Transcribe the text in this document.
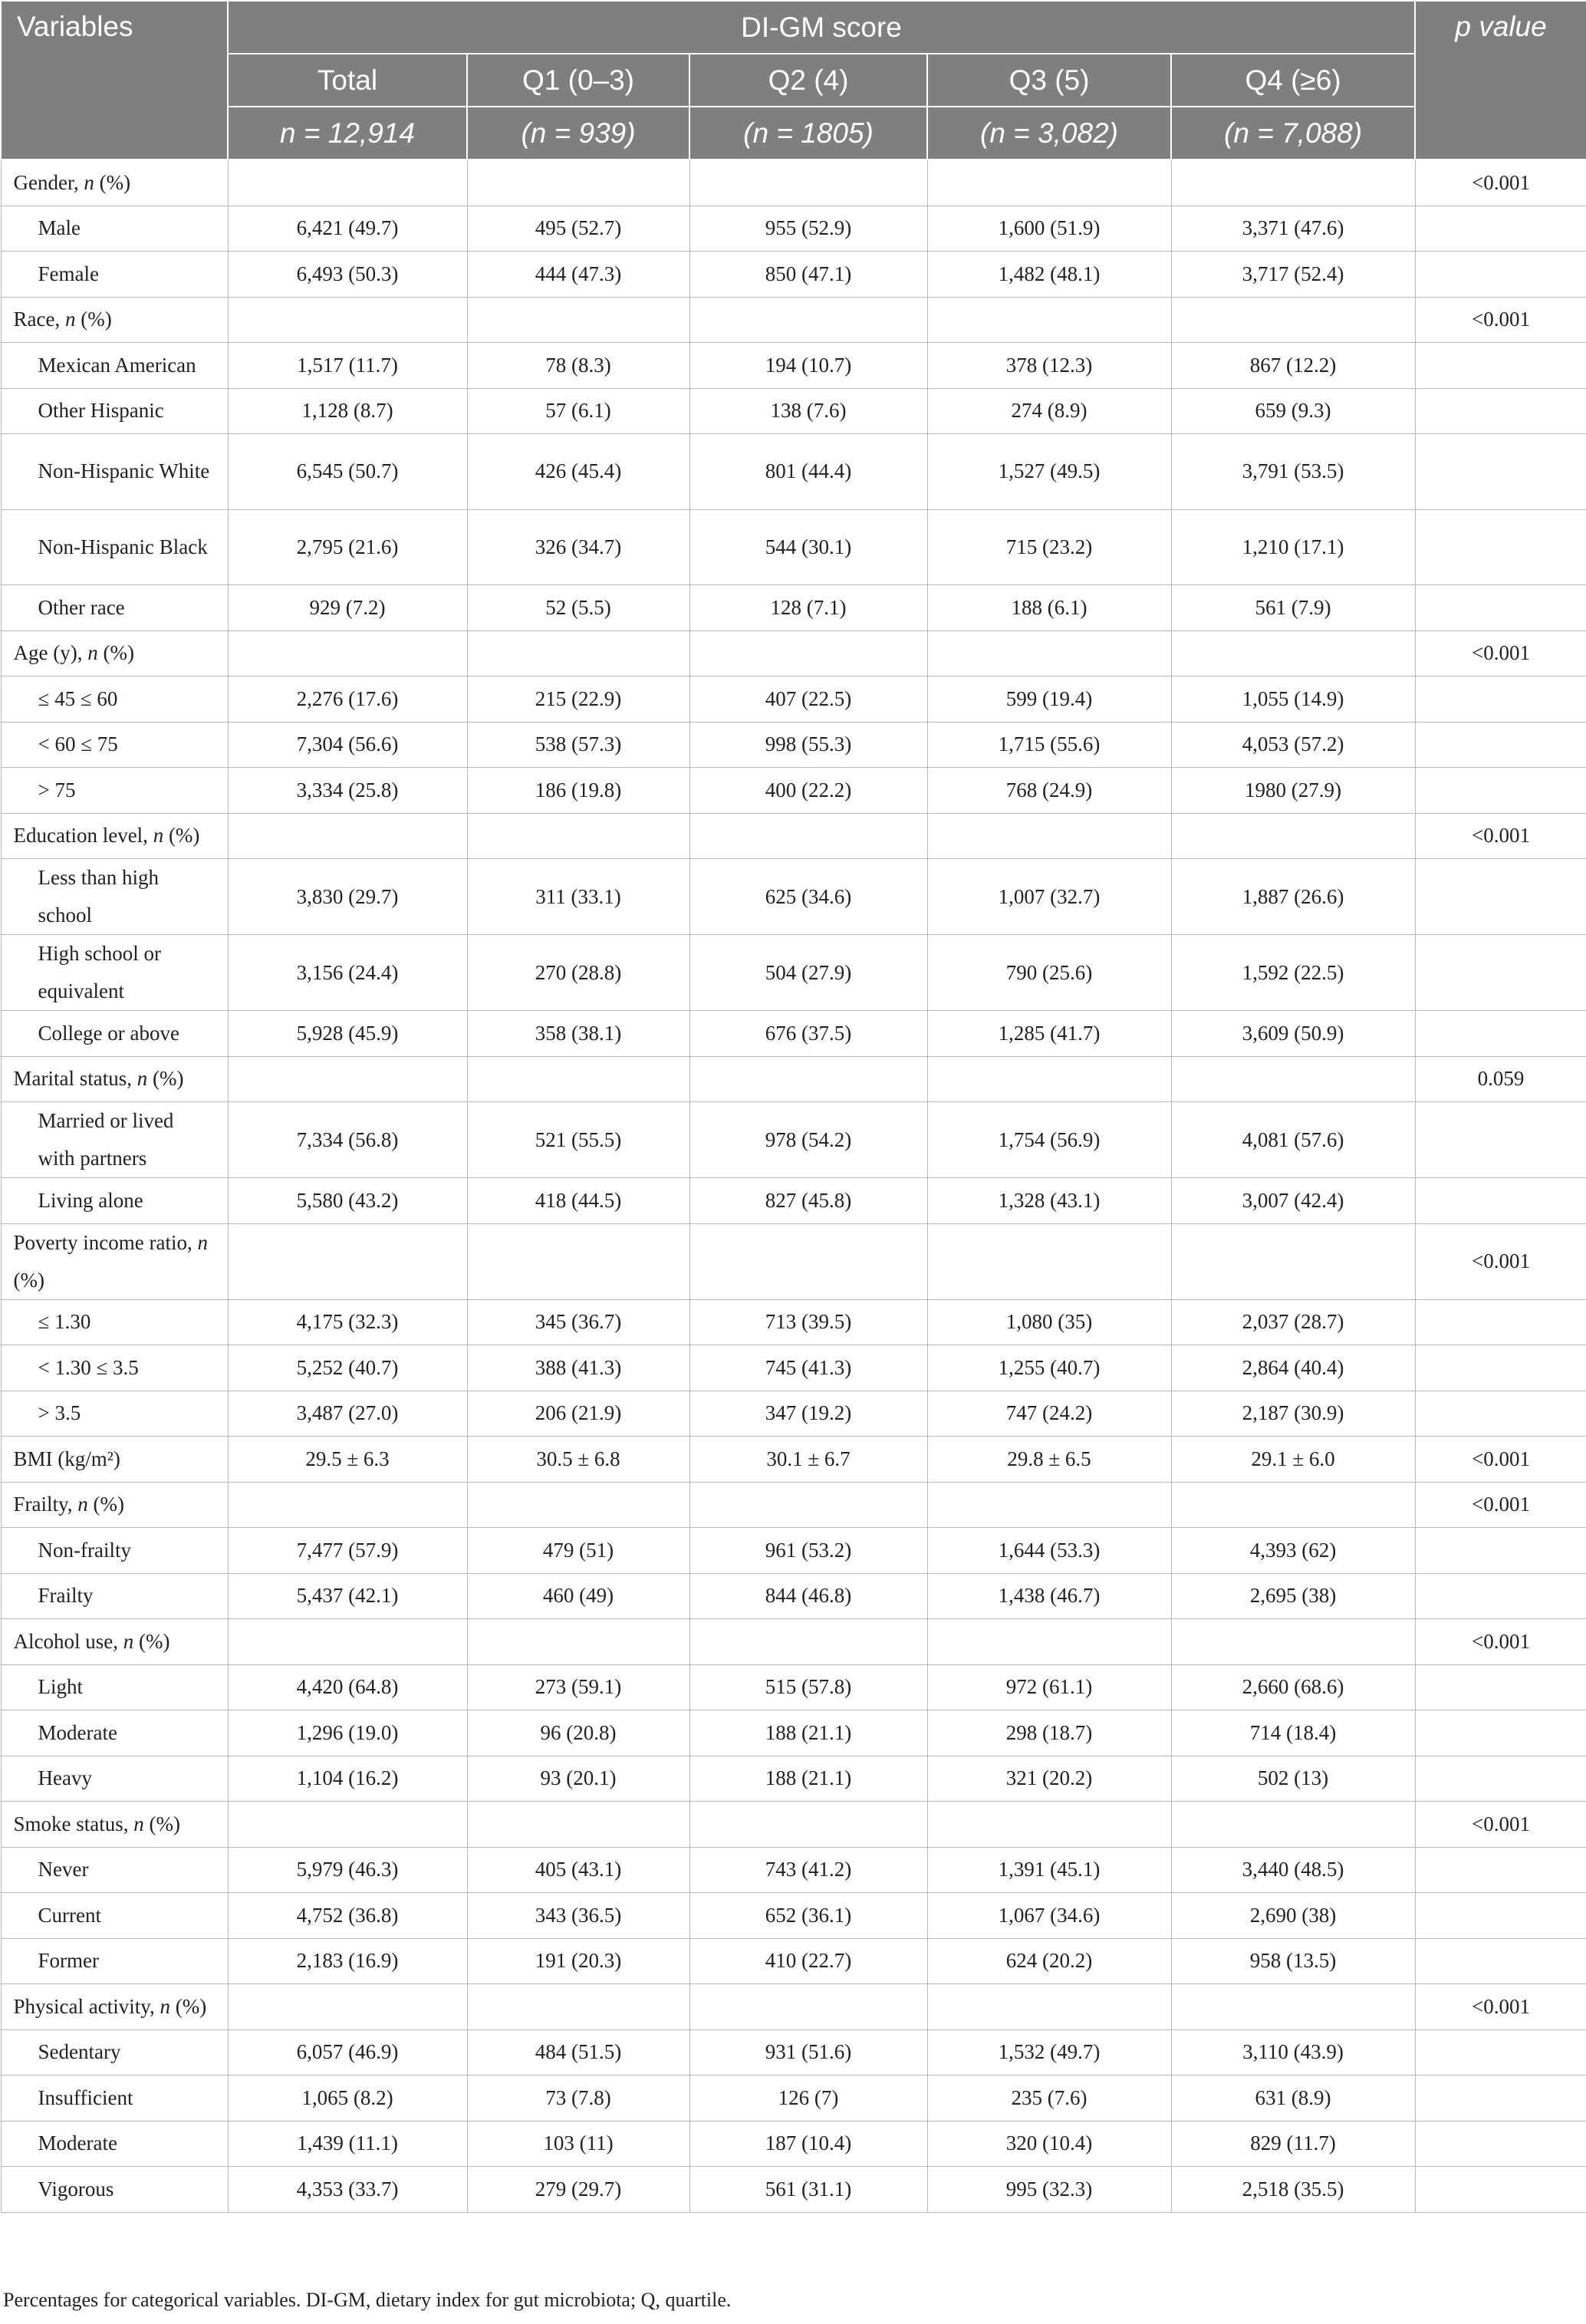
Variables	DI-GM score					p value
	Total	Q1 (0–3)	Q2 (4)	Q3 (5)	Q4 (≥6)	
	n = 12,914	(n = 939)	(n = 1805)	(n = 3,082)	(n = 7,088)	
Gender, n (%)						<0.001
Male	6,421 (49.7)	495 (52.7)	955 (52.9)	1,600 (51.9)	3,371 (47.6)	
Female	6,493 (50.3)	444 (47.3)	850 (47.1)	1,482 (48.1)	3,717 (52.4)	
Race, n (%)						<0.001
Mexican American	1,517 (11.7)	78 (8.3)	194 (10.7)	378 (12.3)	867 (12.2)	
Other Hispanic	1,128 (8.7)	57 (6.1)	138 (7.6)	274 (8.9)	659 (9.3)	
Non-Hispanic White	6,545 (50.7)	426 (45.4)	801 (44.4)	1,527 (49.5)	3,791 (53.5)	
Non-Hispanic Black	2,795 (21.6)	326 (34.7)	544 (30.1)	715 (23.2)	1,210 (17.1)	
Other race	929 (7.2)	52 (5.5)	128 (7.1)	188 (6.1)	561 (7.9)	
Age (y), n (%)						<0.001
≤ 45 ≤ 60	2,276 (17.6)	215 (22.9)	407 (22.5)	599 (19.4)	1,055 (14.9)	
< 60 ≤ 75	7,304 (56.6)	538 (57.3)	998 (55.3)	1,715 (55.6)	4,053 (57.2)	
> 75	3,334 (25.8)	186 (19.8)	400 (22.2)	768 (24.9)	1980 (27.9)	
Education level, n (%)						<0.001
Less than high school	3,830 (29.7)	311 (33.1)	625 (34.6)	1,007 (32.7)	1,887 (26.6)	
High school or equivalent	3,156 (24.4)	270 (28.8)	504 (27.9)	790 (25.6)	1,592 (22.5)	
College or above	5,928 (45.9)	358 (38.1)	676 (37.5)	1,285 (41.7)	3,609 (50.9)	
Marital status, n (%)						0.059
Married or lived with partners	7,334 (56.8)	521 (55.5)	978 (54.2)	1,754 (56.9)	4,081 (57.6)	
Living alone	5,580 (43.2)	418 (44.5)	827 (45.8)	1,328 (43.1)	3,007 (42.4)	
Poverty income ratio, n (%)						<0.001
≤ 1.30	4,175 (32.3)	345 (36.7)	713 (39.5)	1,080 (35)	2,037 (28.7)	
< 1.30 ≤ 3.5	5,252 (40.7)	388 (41.3)	745 (41.3)	1,255 (40.7)	2,864 (40.4)	
> 3.5	3,487 (27.0)	206 (21.9)	347 (19.2)	747 (24.2)	2,187 (30.9)	
BMI (kg/m²)	29.5 ± 6.3	30.5 ± 6.8	30.1 ± 6.7	29.8 ± 6.5	29.1 ± 6.0	<0.001
Frailty, n (%)						<0.001
Non-frailty	7,477 (57.9)	479 (51)	961 (53.2)	1,644 (53.3)	4,393 (62)	
Frailty	5,437 (42.1)	460 (49)	844 (46.8)	1,438 (46.7)	2,695 (38)	
Alcohol use, n (%)						<0.001
Light	4,420 (64.8)	273 (59.1)	515 (57.8)	972 (61.1)	2,660 (68.6)	
Moderate	1,296 (19.0)	96 (20.8)	188 (21.1)	298 (18.7)	714 (18.4)	
Heavy	1,104 (16.2)	93 (20.1)	188 (21.1)	321 (20.2)	502 (13)	
Smoke status, n (%)						<0.001
Never	5,979 (46.3)	405 (43.1)	743 (41.2)	1,391 (45.1)	3,440 (48.5)	
Current	4,752 (36.8)	343 (36.5)	652 (36.1)	1,067 (34.6)	2,690 (38)	
Former	2,183 (16.9)	191 (20.3)	410 (22.7)	624 (20.2)	958 (13.5)	
Physical activity, n (%)						<0.001
Sedentary	6,057 (46.9)	484 (51.5)	931 (51.6)	1,532 (49.7)	3,110 (43.9)	
Insufficient	1,065 (8.2)	73 (7.8)	126 (7)	235 (7.6)	631 (8.9)	
Moderate	1,439 (11.1)	103 (11)	187 (10.4)	320 (10.4)	829 (11.7)	
Vigorous	4,353 (33.7)	279 (29.7)	561 (31.1)	995 (32.3)	2,518 (35.5)	
Percentages for categorical variables. DI-GM, dietary index for gut microbiota; Q, quartile.
